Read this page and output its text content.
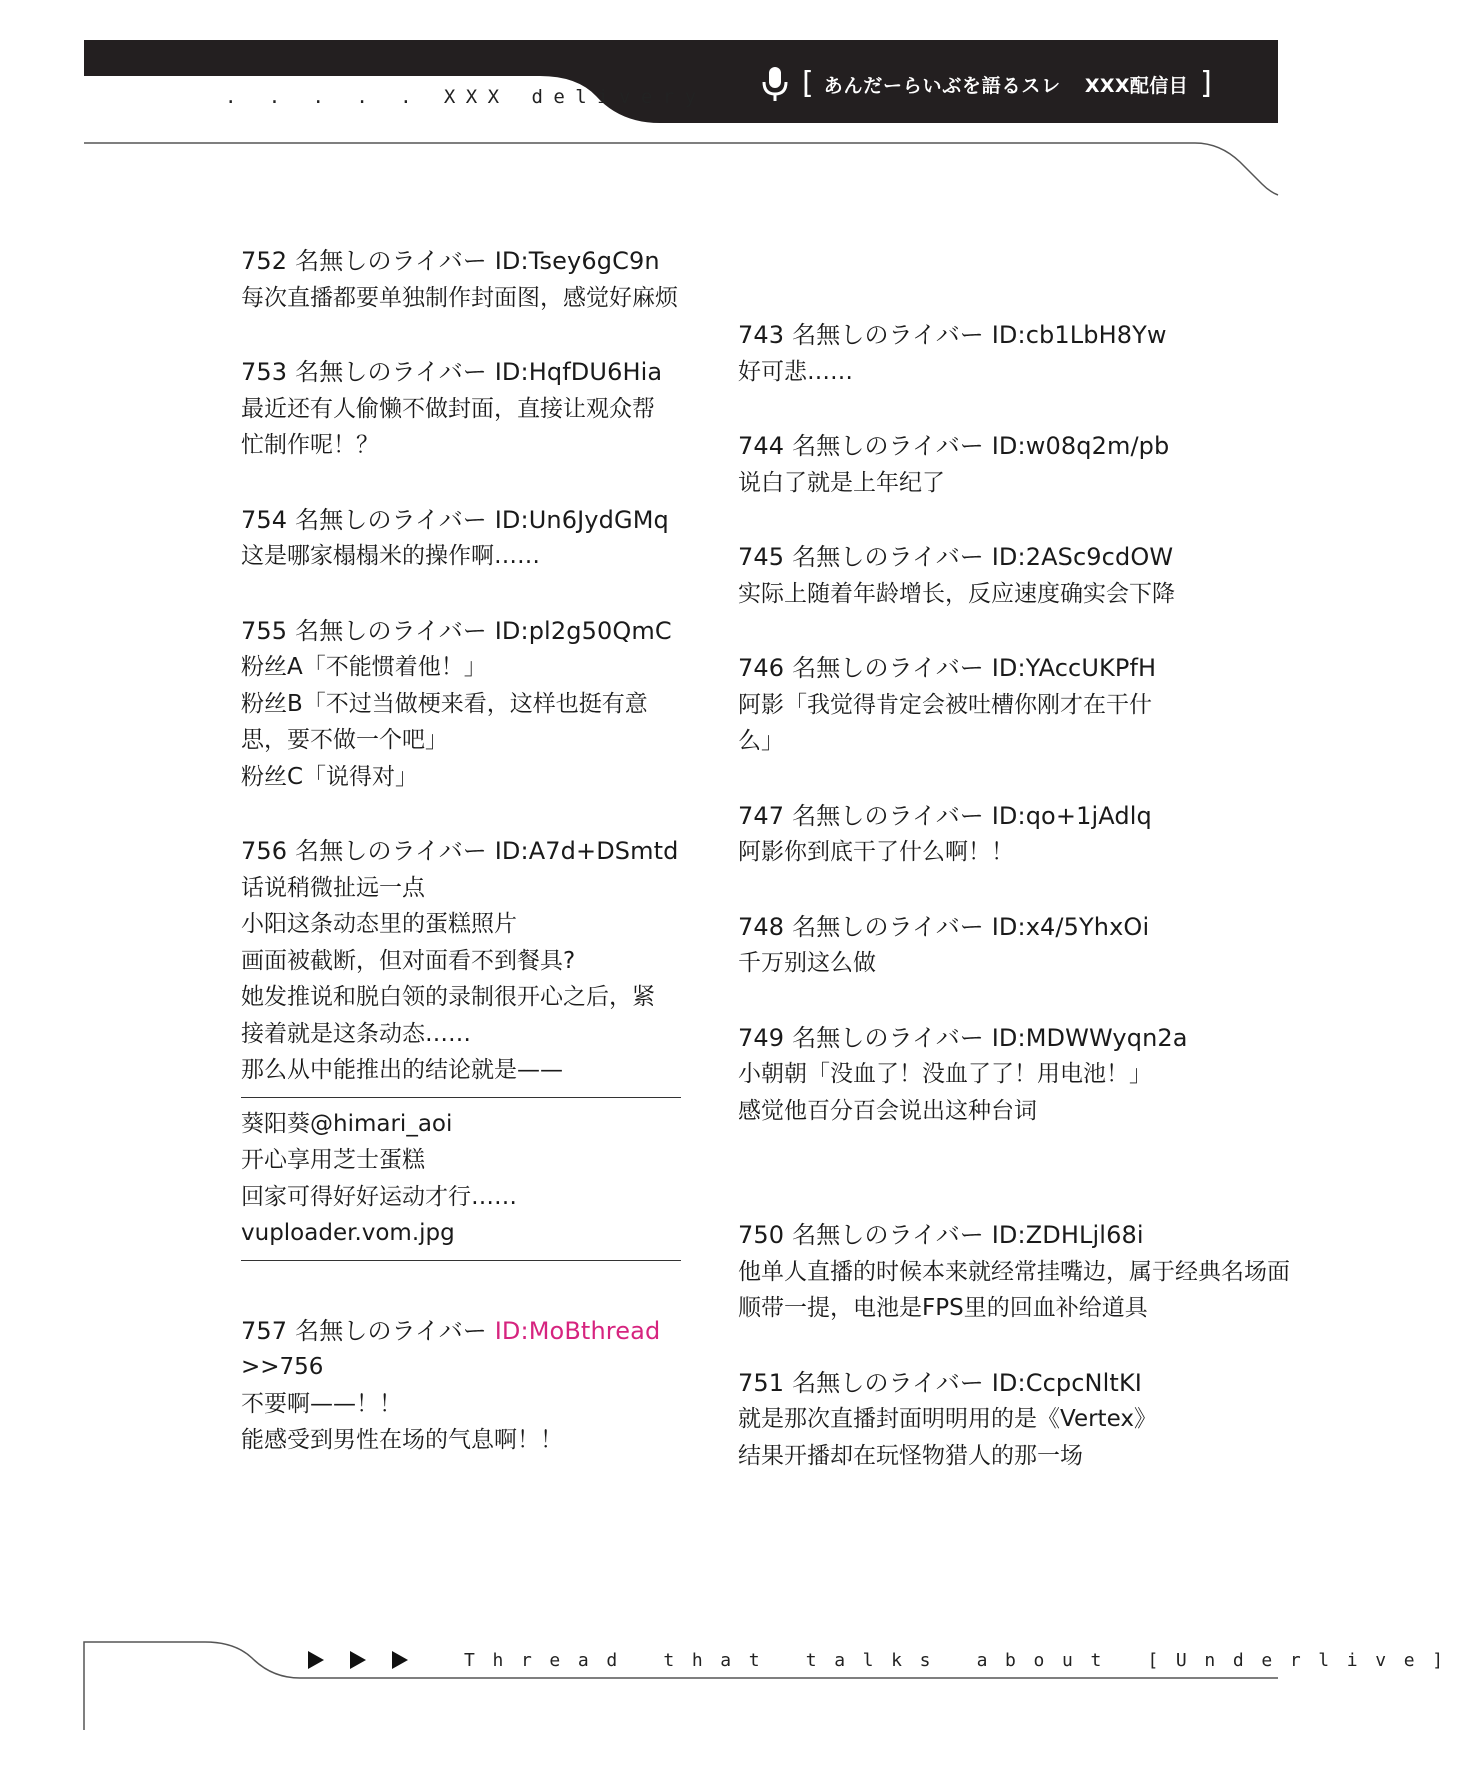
. . . . . XXX delivery	[ あんだーらいぶを語るスレ XXX配信目 ]
752 名無しのライバー ID:Tsey6gC9n
每次直播都要单独制作封面图，感觉好麻烦
753 名無しのライバー ID:HqfDU6Hia
最近还有人偷懒不做封面，直接让观众帮
忙制作呢！？
754 名無しのライバー ID:Un6JydGMq
这是哪家榻榻米的操作啊……
755 名無しのライバー ID:pl2g50QmC
粉丝A「不能惯着他！」
粉丝B「不过当做梗来看，这样也挺有意
思，要不做一个吧」
粉丝C「说得对」
756 名無しのライバー ID:A7d+DSmtd
话说稍微扯远一点
小阳这条动态里的蛋糕照片
画面被截断，但对面看不到餐具?
她发推说和脱白领的录制很开心之后，紧
接着就是这条动态……
那么从中能推出的结论就是——
葵阳葵@himari_aoi
开心享用芝士蛋糕
回家可得好好运动才行……
vuploader.vom.jpg
757 名無しのライバー ID:MoBthread
>>756
不要啊——！！
能感受到男性在场的气息啊！！
743 名無しのライバー ID:cb1LbH8Yw
好可悲……
744 名無しのライバー ID:w08q2m/pb
说白了就是上年纪了
745 名無しのライバー ID:2ASc9cdOW
实际上随着年龄增长，反应速度确实会下降
746 名無しのライバー ID:YAccUKPfH
阿影「我觉得肯定会被吐槽你刚才在干什
么」
747 名無しのライバー ID:qo+1jAdlq
阿影你到底干了什么啊！！
748 名無しのライバー ID:x4/5YhxOi
千万别这么做
749 名無しのライバー ID:MDWWyqn2a
小朝朝「没血了！没血了了！用电池！」
感觉他百分百会说出这种台词
750 名無しのライバー ID:ZDHLjl68i
他单人直播的时候本来就经常挂嘴边，属于经典名场面
顺带一提，电池是FPS里的回血补给道具
751 名無しのライバー ID:CcpcNltKI
就是那次直播封面明明用的是《Vertex》
结果开播却在玩怪物猎人的那一场
Thread that talks about [Underlive]
